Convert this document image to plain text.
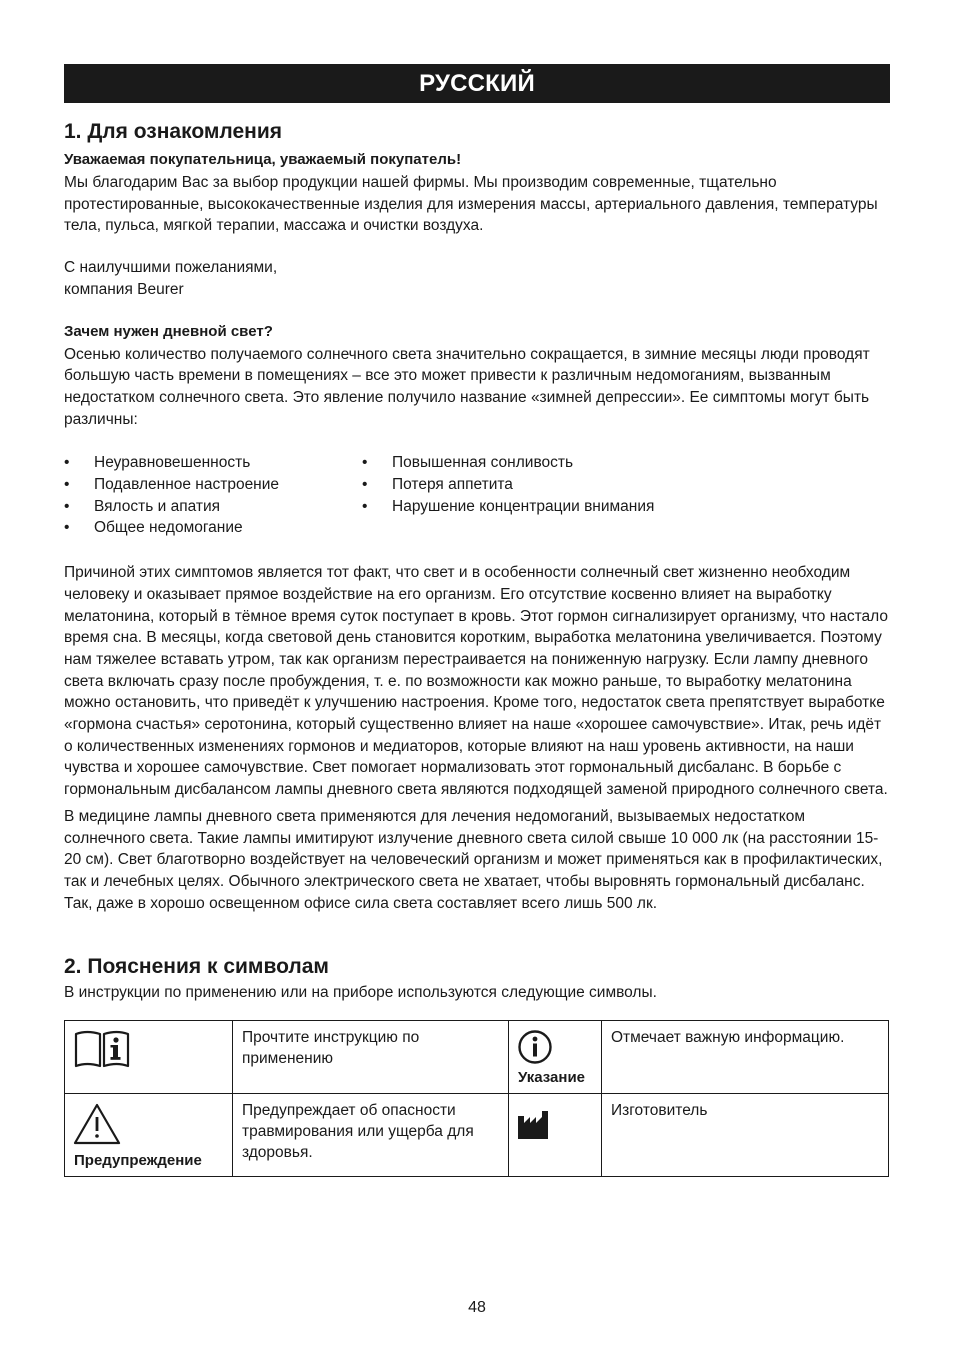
РУССКИЙ
1. Для ознакомления
Уважаемая покупательница, уважаемый покупатель!

Мы благодарим Вас за выбор продукции нашей фирмы. Мы производим современные, тщательно протестированные, высококачественные изделия для измерения массы, артериального давления, температуры тела, пульса, мягкой терапии, массажа и очистки воздуха.

С наилучшими пожеланиями,

компания Beurer

Зачем нужен дневной свет?

Осенью количество получаемого солнечного света значительно сокращается, в зимние месяцы люди проводят большую часть времени в помещениях – все это может привести к различным недомоганиям, вызванным недостатком солнечного света. Это явление получило название «зимней депрессии». Ее симптомы могут быть различны:

• Неуравновешенность
• Подавленное настроение
• Вялость и апатия
• Общее недомогание
• Повышенная сонливость
• Потеря аппетита
• Нарушение концентрации внимания

Причиной этих симптомов является тот факт, что свет и в особенности солнечный свет жизненно необходим человеку и оказывает прямое воздействие на его организм. Его отсутствие косвенно влияет на выработку мелатонина, который в тёмное время суток поступает в кровь. Этот гормон сигнализирует организму, что настало время сна. В месяцы, когда световой день становится коротким, выработка мелатонина увеличивается. Поэтому нам тяжелее вставать утром, так как организм перестраивается на пониженную нагрузку. Если лампу дневного света включать сразу после пробуждения, т. е. по возможности как можно раньше, то выработку мелатонина можно остановить, что приведёт к улучшению настроения. Кроме того, недостаток света препятствует выработке «гормона счастья» серотонина, который существенно влияет на наше «хорошее самочувствие». Итак, речь идёт о количественных изменениях гормонов и медиаторов, которые влияют на наш уровень активности, на наши чувства и хорошее самочувствие. Свет помогает нормализовать этот гормональный дисбаланс. В борьбе с гормональным дисбалансом лампы дневного света являются подходящей заменой природного солнечного света.

В медицине лампы дневного света применяются для лечения недомоганий, вызываемых недостатком солнечного света. Такие лампы имитируют излучение дневного света силой свыше 10 000 лк (на расстоянии 15-20 см). Свет благотворно воздействует на человеческий организм и может применяться как в профилактических, так и лечебных целях. Обычного электрического света не хватает, чтобы выровнять гормональный дисбаланс. Так, даже в хорошо освещенном офисе сила света составляет всего лишь 500 лк.

2. Пояснения к символам

В инструкции по применению или на приборе используются следующие символы.

	Прочтите инструкцию по применению	Указание	Отмечает важную информацию.

Предупреждение	Предупреждает об опасности травмирования или ущерба для здоровья.		Изготовитель
48
